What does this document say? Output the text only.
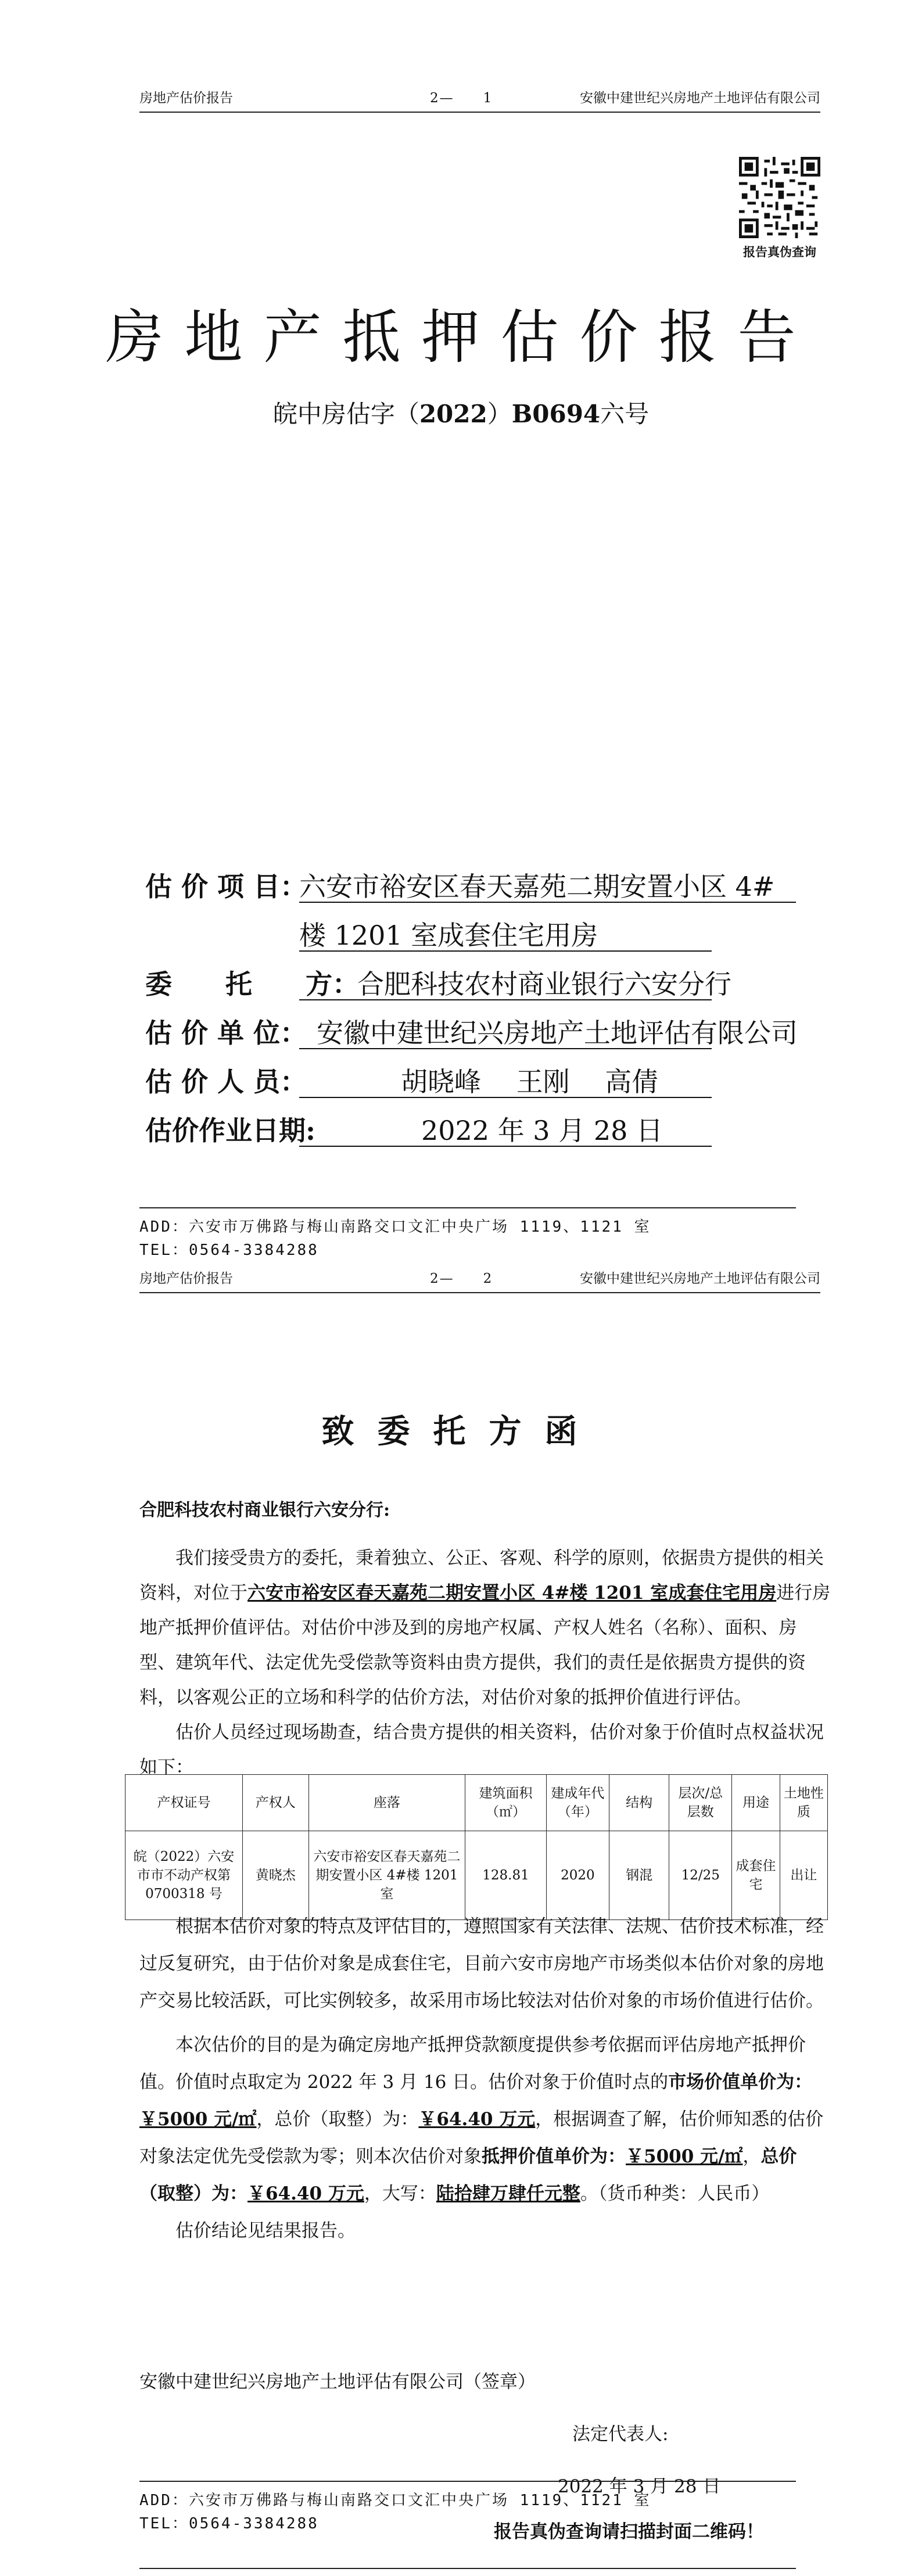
房地产估价报告	2—　　1	安徽中建世纪兴房地产土地评估有限公司
报告真伪查询
房地产抵押估价报告
皖中房估字（2022）B0694六号
估 价 项 目：
六安市裕安区春天嘉苑二期安置小区 4#
楼 1201 室成套住宅用房
委　　托　　方：
合肥科技农村商业银行六安分行
估 价 单 位： 安徽中建世纪兴房地产土地评估有限公司
估 价 人 员：	胡晓峰　 王刚　 高倩
估价作业日期:	2022 年 3 月 28 日
ADD：六安市万佛路与梅山南路交口文汇中央广场 1119、1121 室
TEL：0564-3384288
房地产估价报告	2—　　2	安徽中建世纪兴房地产土地评估有限公司
致委托方函
合肥科技农村商业银行六安分行:

我们接受贵方的委托，秉着独立、公正、客观、科学的原则，依据贵方提供的相关资料，对位于六安市裕安区春天嘉苑二期安置小区 4#楼 1201 室成套住宅用房进行房地产抵押价值评估。对估价中涉及到的房地产权属、产权人姓名（名称）、面积、房型、建筑年代、法定优先受偿款等资料由贵方提供，我们的责任是依据贵方提供的资料，以客观公正的立场和科学的估价方法，对估价对象的抵押价值进行评估。

估价人员经过现场勘查，结合贵方提供的相关资料，估价对象于价值时点权益状况如下：

产权证号	产权人	座落	建筑面积（㎡）	建成年代（年）	结构	层次/总层数	用途	土地性质
皖（2022）六安市市不动产权第 0700318 号	黄晓杰	六安市裕安区春天嘉苑二期安置小区 4#楼 1201 室	128.81	2020	钢混	12/25	成套住宅	出让

根据本估价对象的特点及评估目的，遵照国家有关法律、法规、估价技术标准，经过反复研究，由于估价对象是成套住宅，目前六安市房地产市场类似本估价对象的房地产交易比较活跃，可比实例较多，故采用市场比较法对估价对象的市场价值进行估价。

本次估价的目的是为确定房地产抵押贷款额度提供参考依据而评估房地产抵押价值。价值时点取定为 2022 年 3 月 16 日。估价对象于价值时点的市场价值单价为：￥5000 元/㎡，总价（取整）为：￥64.40 万元，根据调查了解，估价师知悉的估价对象法定优先受偿款为零；则本次估价对象抵押价值单价为：￥5000 元/㎡，总价（取整）为：￥64.40 万元，大写：陆拾肆万肆仟元整。（货币种类：人民币）

估价结论见结果报告。

安徽中建世纪兴房地产土地评估有限公司（签章）
法定代表人:
2022 年 3 月 28 日
报告真伪查询请扫描封面二维码！
ADD：六安市万佛路与梅山南路交口文汇中央广场 1119、1121 室
TEL：0564-3384288
